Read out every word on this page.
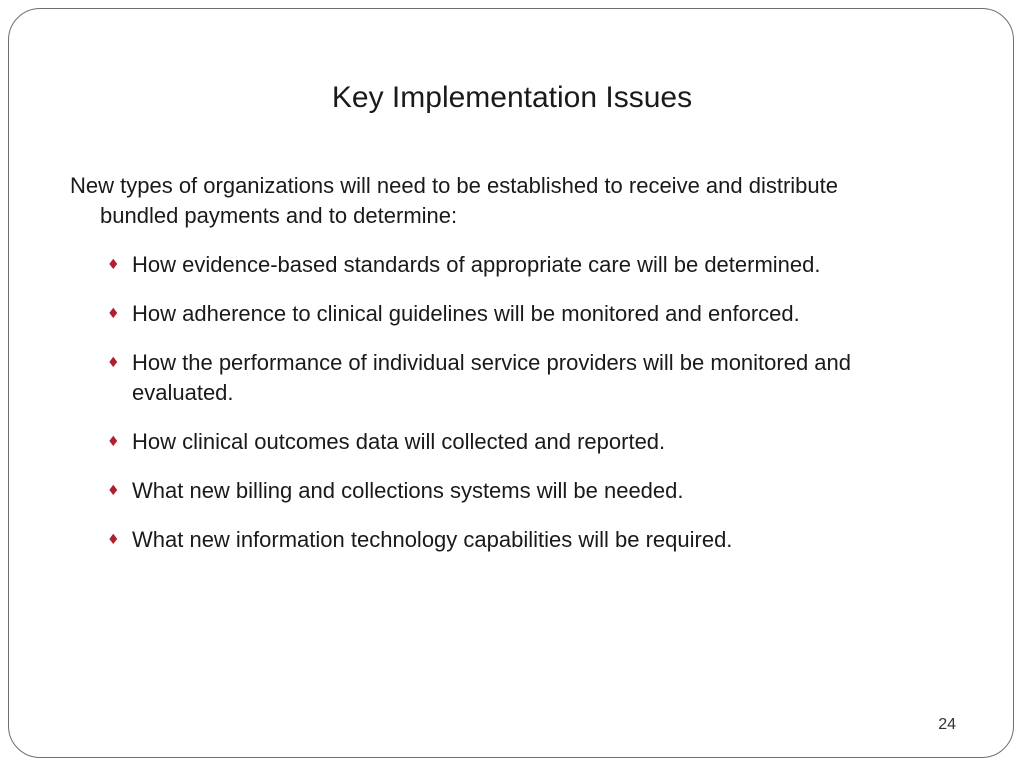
Key Implementation Issues
New types of organizations will need to be established to receive and distribute bundled payments and to determine:
♦ How evidence-based standards of appropriate care will be determined.
♦ How adherence to clinical guidelines will be monitored and enforced.
♦ How the performance of individual service providers will be monitored and evaluated.
♦ How clinical outcomes data will collected and reported.
♦ What new billing and collections systems will be needed.
♦ What new information technology capabilities will be required.
24
